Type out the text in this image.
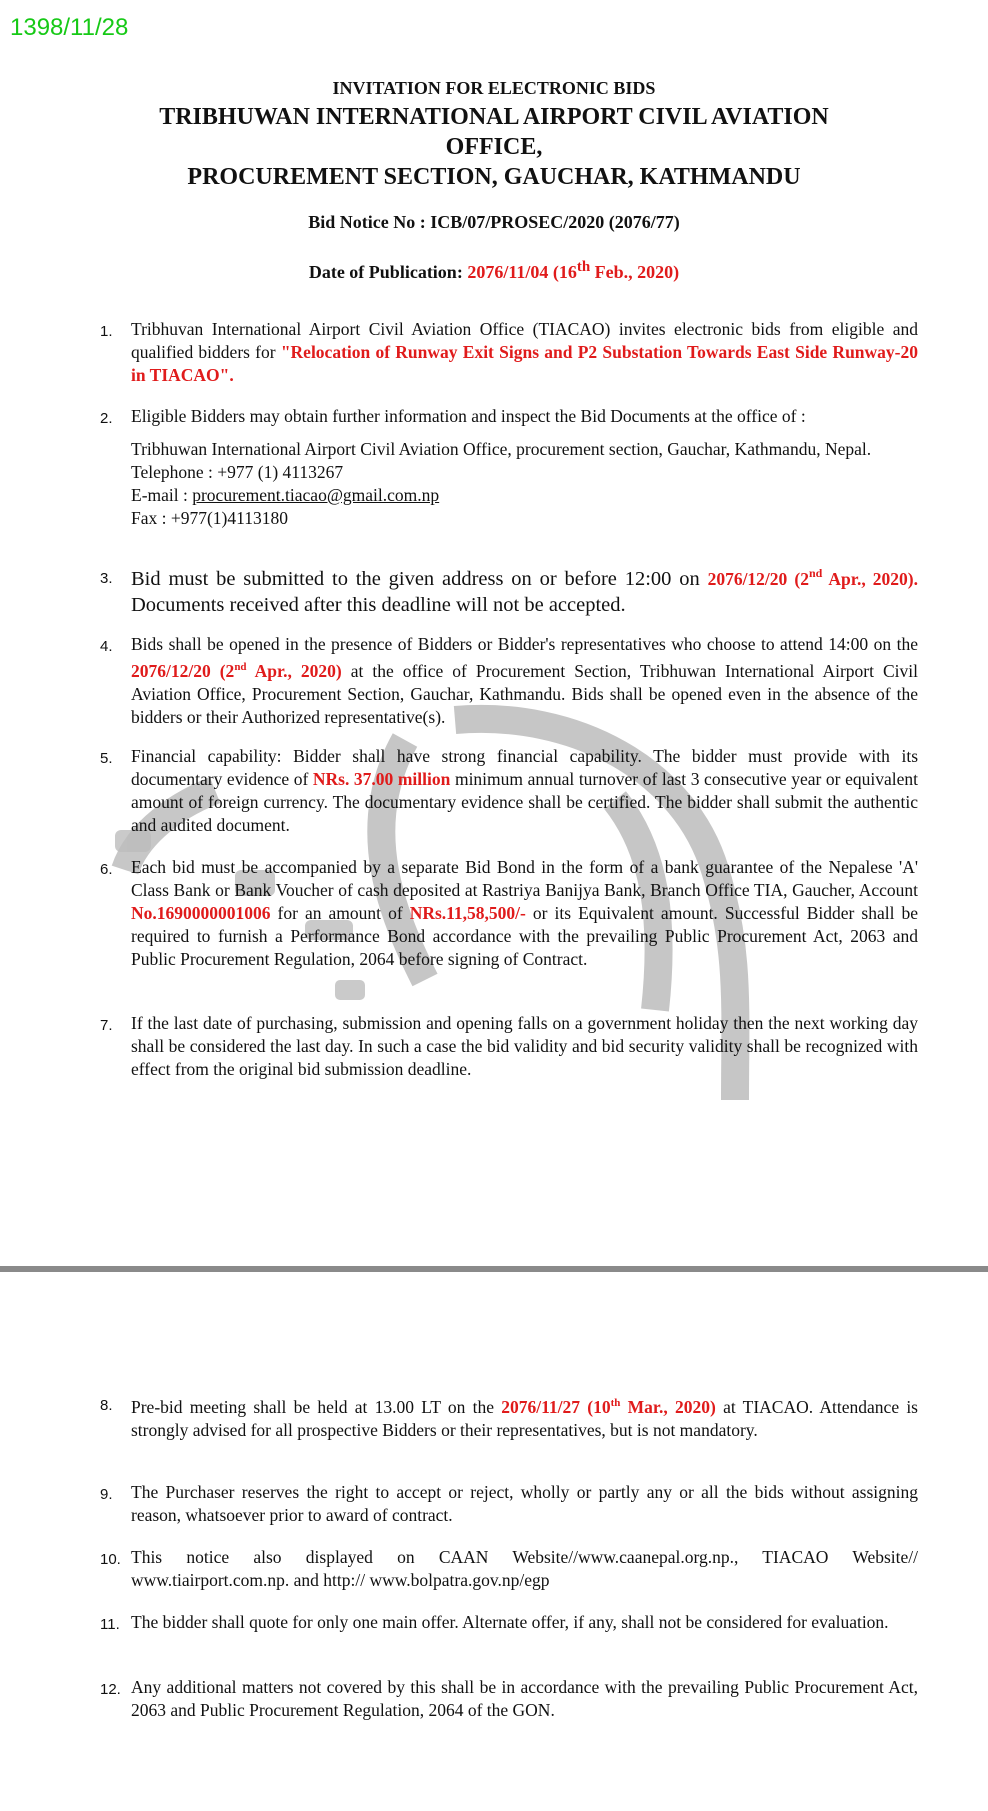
1398/11/28
INVITATION FOR ELECTRONIC BIDS
TRIBHUWAN INTERNATIONAL AIRPORT CIVIL AVIATION
OFFICE,
PROCUREMENT SECTION, GAUCHAR, KATHMANDU
Bid Notice No : ICB/07/PROSEC/2020 (2076/77)
Date of Publication: 2076/11/04 (16th Feb., 2020)
1.	Tribhuvan International Airport Civil Aviation Office (TIACAO) invites electronic bids from eligible and qualified bidders for "Relocation of Runway Exit Signs and P2 Substation Towards East Side Runway-20 in TIACAO".
2.	Eligible Bidders may obtain further information and inspect the Bid Documents at the office of :
Tribhuwan International Airport Civil Aviation Office, procurement section, Gauchar, Kathmandu, Nepal.
Telephone : +977 (1) 4113267
E-mail : procurement.tiacao@gmail.com.np
Fax : +977(1)4113180
3. Bid must be submitted to the given address on or before 12:00 on 2076/12/20 (2nd Apr., 2020). Documents received after this deadline will not be accepted.
4.	Bids shall be opened in the presence of Bidders or Bidder's representatives who choose to attend 14:00 on the 2076/12/20 (2nd Apr., 2020) at the office of Procurement Section, Tribhuwan International Airport Civil Aviation Office, Procurement Section, Gauchar, Kathmandu. Bids shall be opened even in the absence of the bidders or their Authorized representative(s).
5.	Financial capability: Bidder shall have strong financial capability. The bidder must provide with its documentary evidence of NRs. 37.00 million minimum annual turnover of last 3 consecutive year or equivalent amount of foreign currency. The documentary evidence shall be certified. The bidder shall submit the authentic and audited document.
6.	Each bid must be accompanied by a separate Bid Bond in the form of a bank guarantee of the Nepalese 'A' Class Bank or Bank Voucher of cash deposited at Rastriya Banijya Bank, Branch Office TIA, Gaucher, Account No.1690000001006 for an amount of NRs.11,58,500/- or its Equivalent amount. Successful Bidder shall be required to furnish a Performance Bond accordance with the prevailing Public Procurement Act, 2063 and Public Procurement Regulation, 2064 before signing of Contract.
7.	If the last date of purchasing, submission and opening falls on a government holiday then the next working day shall be considered the last day. In such a case the bid validity and bid security validity shall be recognized with effect from the original bid submission deadline.
8.	Pre-bid meeting shall be held at 13.00 LT on the 2076/11/27 (10th Mar., 2020) at TIACAO. Attendance is strongly advised for all prospective Bidders or their representatives, but is not mandatory.
9.	The Purchaser reserves the right to accept or reject, wholly or partly any or all the bids without assigning reason, whatsoever prior to award of contract.
10. This notice also displayed on CAAN Website//www.caanepal.org.np., TIACAO Website// www.tiairport.com.np. and http:// www.bolpatra.gov.np/egp
11. The bidder shall quote for only one main offer. Alternate offer, if any, shall not be considered for evaluation.
12. Any additional matters not covered by this shall be in accordance with the prevailing Public Procurement Act, 2063 and Public Procurement Regulation, 2064 of the GON.
